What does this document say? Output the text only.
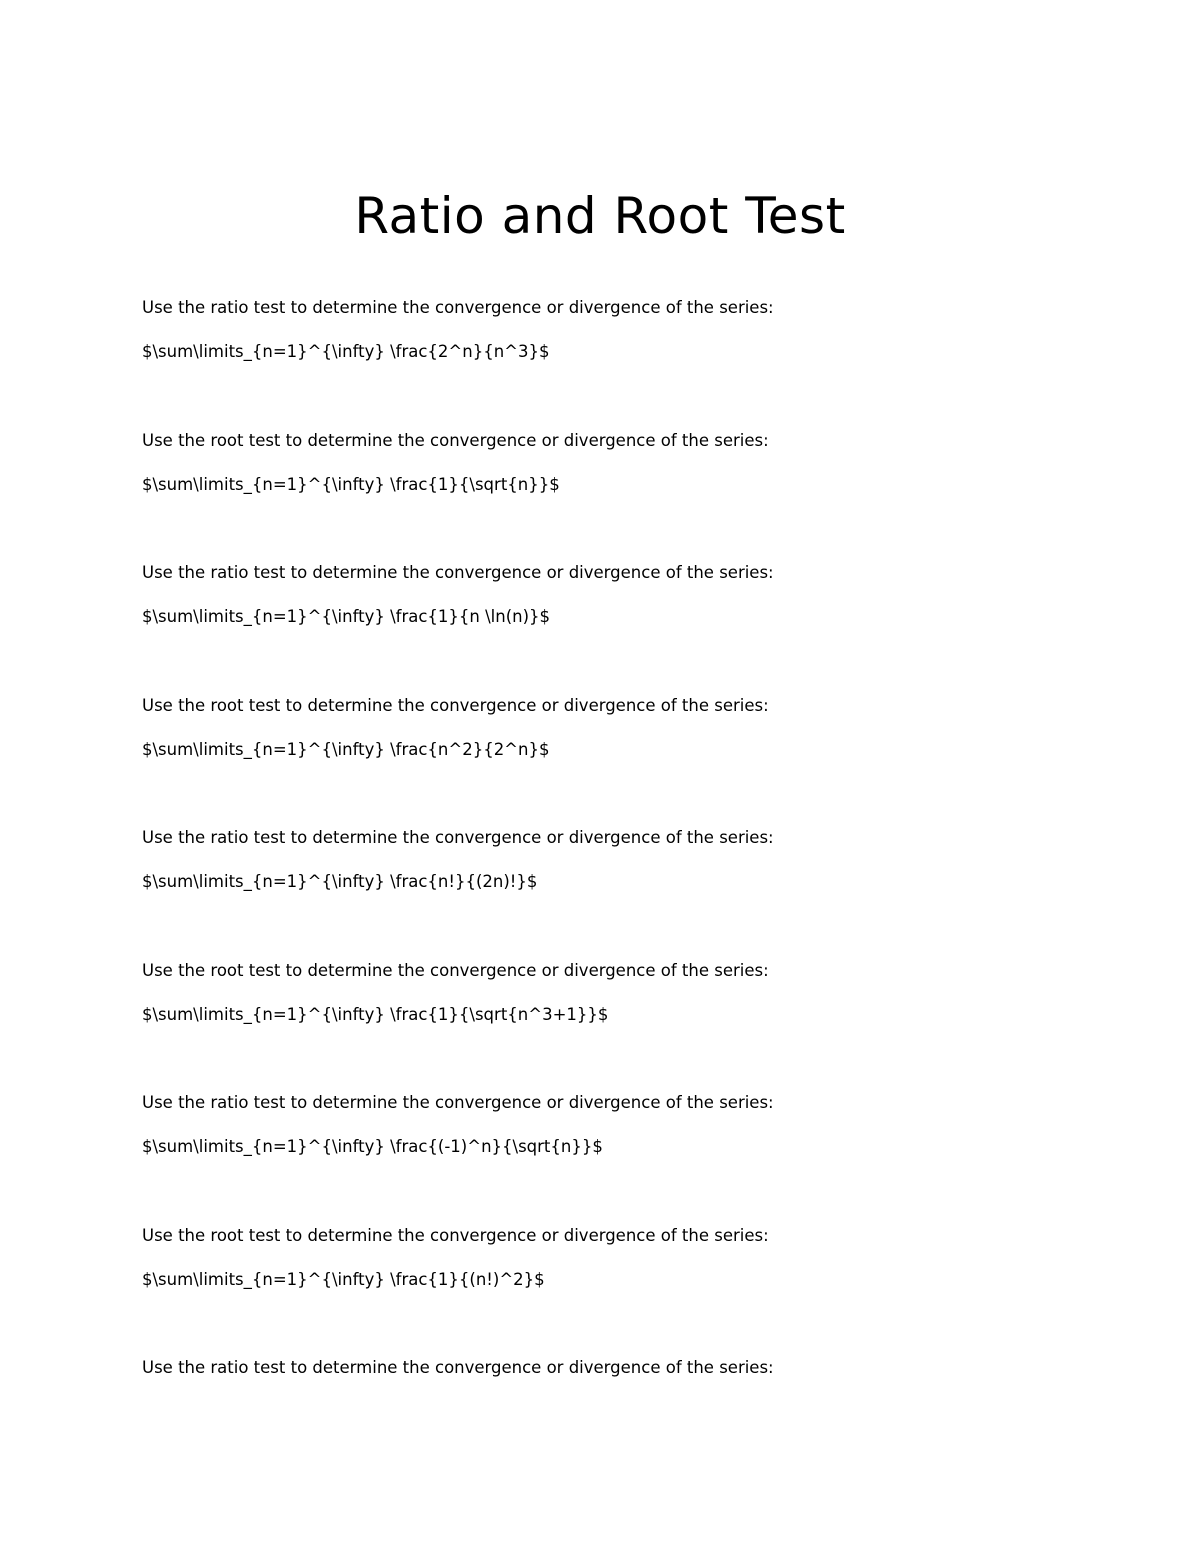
Ratio and Root Test

Use the ratio test to determine the convergence or divergence of the series:

$\sum\limits_{n=1}^{\infty} \frac{2^n}{n^3}$

Use the root test to determine the convergence or divergence of the series:

$\sum\limits_{n=1}^{\infty} \frac{1}{\sqrt{n}}$

Use the ratio test to determine the convergence or divergence of the series:

$\sum\limits_{n=1}^{\infty} \frac{1}{n \ln(n)}$

Use the root test to determine the convergence or divergence of the series:

$\sum\limits_{n=1}^{\infty} \frac{n^2}{2^n}$

Use the ratio test to determine the convergence or divergence of the series:

$\sum\limits_{n=1}^{\infty} \frac{n!}{(2n)!}$

Use the root test to determine the convergence or divergence of the series:

$\sum\limits_{n=1}^{\infty} \frac{1}{\sqrt{n^3+1}}$

Use the ratio test to determine the convergence or divergence of the series:

$\sum\limits_{n=1}^{\infty} \frac{(-1)^n}{\sqrt{n}}$

Use the root test to determine the convergence or divergence of the series:

$\sum\limits_{n=1}^{\infty} \frac{1}{(n!)^2}$

Use the ratio test to determine the convergence or divergence of the series:
